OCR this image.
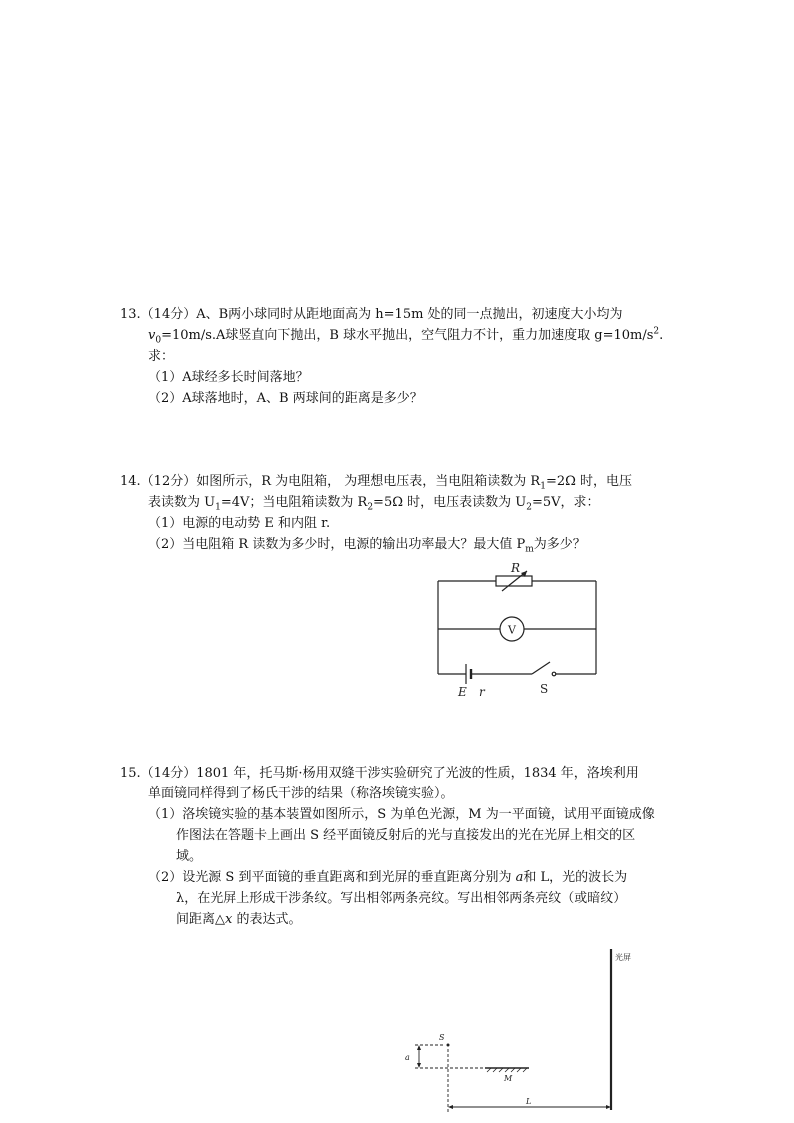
13.（14分）A、B两小球同时从距地面高为 h=15m 处的同一点抛出，初速度大小均为
$v_0=10m/s.A$球竖直向下抛出，B 球水平抛出，空气阻力不计，重力加速度取 $g=10m/s^2$.
求：
（1）A球经多长时间落地？
（2）A球落地时，A、B 两球间的距离是多少？
14.（12分）如图所示，R 为电阻箱， 为理想电压表，当电阻箱读数为 $R_1=2\Omega$ 时，电压
表读数为 $U_1=4V$；当电阻箱读数为 $R_2=5\Omega$ 时，电压表读数为 $U_2=5V$，求：
（1）电源的电动势 E 和内阻 r.
（2）当电阻箱 R 读数为多少时，电源的输出功率最大？最大值 $P_m$为多少？
R
V
E r	S
15.（14分）1801 年，托马斯·杨用双缝干涉实验研究了光波的性质，1834 年，洛埃利用
单面镜同样得到了杨氏干涉的结果（称洛埃镜实验）。
（1）洛埃镜实验的基本装置如图所示，S 为单色光源，M 为一平面镜，试用平面镜成像
作图法在答题卡上画出 S 经平面镜反射后的光与直接发出的光在光屏上相交的区
域。
（2）设光源 S 到平面镜的垂直距离和到光屏的垂直距离分别为 a和 L，光的波长为
λ，在光屏上形成干涉条纹。写出相邻两条亮纹。写出相邻两条亮纹（或暗纹）
间距离△x 的表达式。
光屏
S
a
M
L
